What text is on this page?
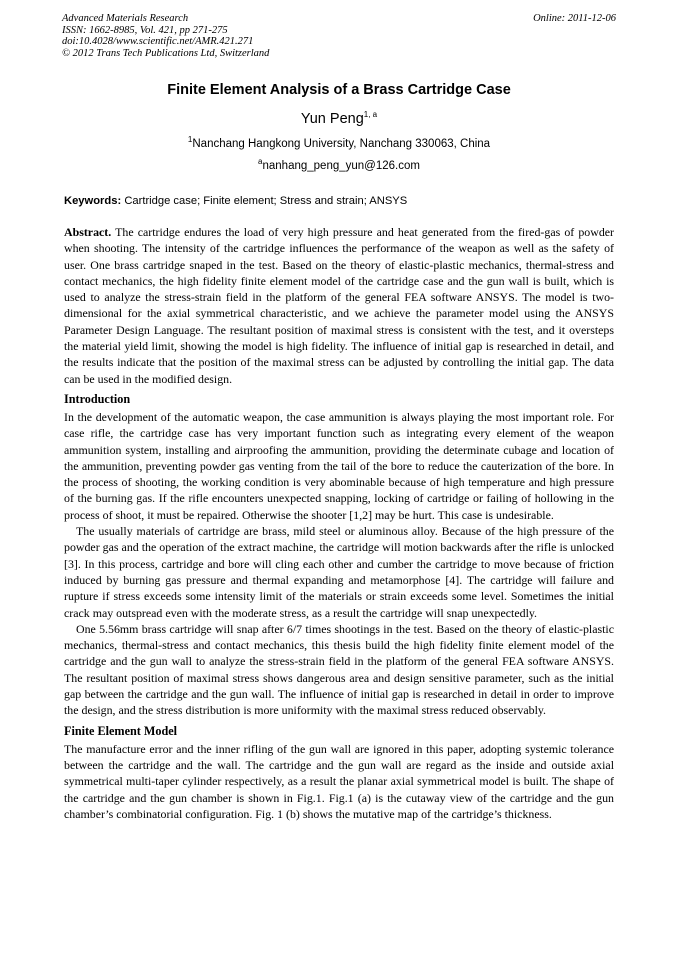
Advanced Materials Research
ISSN: 1662-8985, Vol. 421, pp 271-275
doi:10.4028/www.scientific.net/AMR.421.271
© 2012 Trans Tech Publications Ltd, Switzerland
Online: 2011-12-06
Finite Element Analysis of a Brass Cartridge Case
Yun Peng$^{1, a}$
$^1$Nanchang Hangkong University, Nanchang 330063, China
$^a$nanhang_peng_yun@126.com
Keywords: Cartridge case; Finite element; Stress and strain; ANSYS

Abstract. The cartridge endures the load of very high pressure and heat generated from the fired-gas of powder when shooting. The intensity of the cartridge influences the performance of the weapon as well as the safety of user. One brass cartridge snaped in the test. Based on the theory of elastic-plastic mechanics, thermal-stress and contact mechanics, the high fidelity finite element model of the cartridge case and the gun wall is built, which is used to analyze the stress-strain field in the platform of the general FEA software ANSYS. The model is two-dimensional for the axial symmetrical characteristic, and we achieve the parameter model using the ANSYS Parameter Design Language. The resultant position of maximal stress is consistent with the test, and it oversteps the material yield limit, showing the model is high fidelity. The influence of initial gap is researched in detail, and the results indicate that the position of the maximal stress can be adjusted by controlling the initial gap. The data can be used in the modified design.

Introduction

In the development of the automatic weapon, the case ammunition is always playing the most important role. For case rifle, the cartridge case has very important function such as integrating every element of the weapon ammunition system, installing and airproofing the ammunition, providing the determinate cubage and location of the ammunition, preventing powder gas venting from the tail of the bore to reduce the cauterization of the bore. In the process of shooting, the working condition is very abominable because of high temperature and high pressure of the burning gas. If the rifle encounters unexpected snapping, locking of cartridge or failing of hollowing in the process of shoot, it must be repaired. Otherwise the shooter [1,2] may be hurt. This case is undesirable.

The usually materials of cartridge are brass, mild steel or aluminous alloy. Because of the high pressure of the powder gas and the operation of the extract machine, the cartridge will motion backwards after the rifle is unlocked [3]. In this process, cartridge and bore will cling each other and cumber the cartridge to move because of friction induced by burning gas pressure and thermal expanding and metamorphose [4]. The cartridge will failure and rupture if stress exceeds some intensity limit of the materials or strain exceeds some level. Sometimes the initial crack may outspread even with the moderate stress, as a result the cartridge will snap unexpectedly.

One 5.56mm brass cartridge will snap after 6/7 times shootings in the test. Based on the theory of elastic-plastic mechanics, thermal-stress and contact mechanics, this thesis build the high fidelity finite element model of the cartridge and the gun wall to analyze the stress-strain field in the platform of the general FEA software ANSYS. The resultant position of maximal stress shows dangerous area and design sensitive parameter, such as the initial gap between the cartridge and the gun wall. The influence of initial gap is researched in detail in order to improve the design, and the stress distribution is more uniformity with the maximal stress reduced observably.

Finite Element Model

The manufacture error and the inner rifling of the gun wall are ignored in this paper, adopting systemic tolerance between the cartridge and the wall. The cartridge and the gun wall are regard as the inside and outside axial symmetrical multi-taper cylinder respectively, as a result the planar axial symmetrical model is built. The shape of the cartridge and the gun chamber is shown in Fig.1. Fig.1 (a) is the cutaway view of the cartridge and the gun chamber’s combinatorial configuration. Fig. 1 (b) shows the mutative map of the cartridge’s thickness.
